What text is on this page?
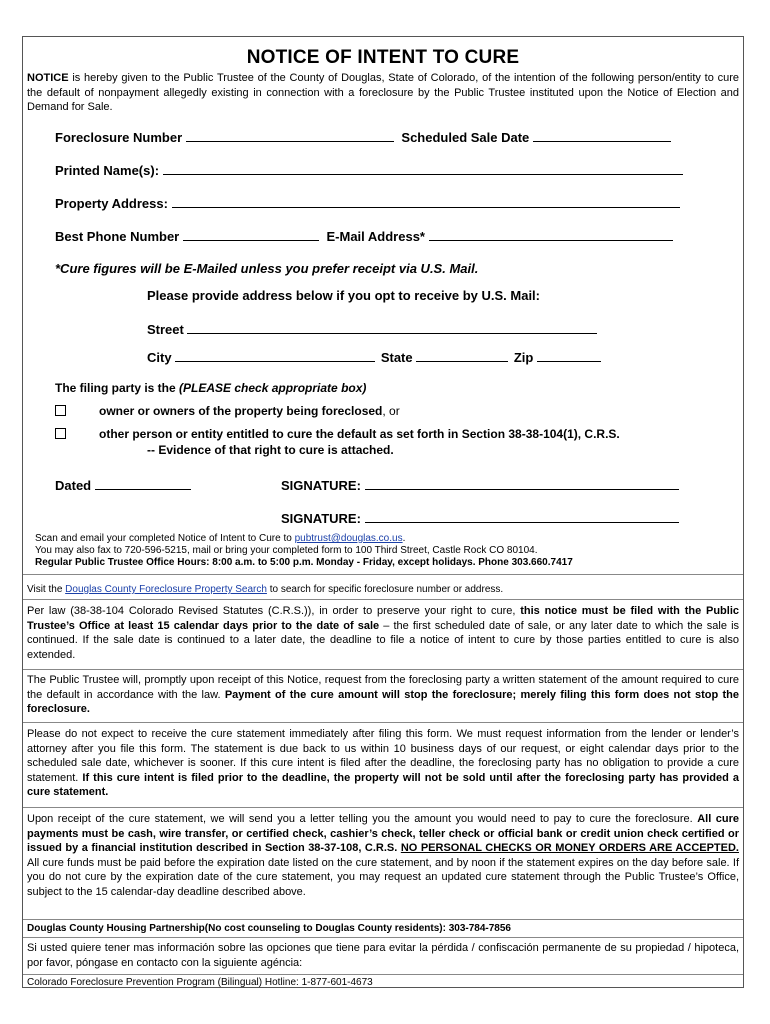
NOTICE OF INTENT TO CURE
NOTICE is hereby given to the Public Trustee of the County of Douglas, State of Colorado, of the intention of the following person/entity to cure the default of nonpayment allegedly existing in connection with a foreclosure by the Public Trustee instituted upon the Notice of Election and Demand for Sale.
Foreclosure Number	Scheduled Sale Date
Printed Name(s):
Property Address:
Best Phone Number	E-Mail Address*
*Cure figures will be E-Mailed unless you prefer receipt via U.S. Mail.
Please provide address below if you opt to receive by U.S. Mail:
Street
City	State	Zip
The filing party is the (PLEASE check appropriate box)
owner or owners of the property being foreclosed, or
other person or entity entitled to cure the default as set forth in Section 38-38-104(1), C.R.S.
-- Evidence of that right to cure is attached.
Dated	SIGNATURE:
SIGNATURE:
Scan and email your completed Notice of Intent to Cure to pubtrust@douglas.co.us.
You may also fax to 720-596-5215, mail or bring your completed form to 100 Third Street, Castle Rock CO 80104.
Regular Public Trustee Office Hours: 8:00 a.m. to 5:00 p.m. Monday - Friday, except holidays. Phone 303.660.7417
Visit the Douglas County Foreclosure Property Search to search for specific foreclosure number or address.
Per law (38-38-104 Colorado Revised Statutes (C.R.S.)), in order to preserve your right to cure, this notice must be filed with the Public Trustee’s Office at least 15 calendar days prior to the date of sale – the first scheduled date of sale, or any later date to which the sale is continued. If the sale date is continued to a later date, the deadline to file a notice of intent to cure by those parties entitled to cure is also extended.
The Public Trustee will, promptly upon receipt of this Notice, request from the foreclosing party a written statement of the amount required to cure the default in accordance with the law. Payment of the cure amount will stop the foreclosure; merely filing this form does not stop the foreclosure.
Please do not expect to receive the cure statement immediately after filing this form. We must request information from the lender or lender’s attorney after you file this form. The statement is due back to us within 10 business days of our request, or eight calendar days prior to the scheduled sale date, whichever is sooner. If this cure intent is filed after the deadline, the foreclosing party has no obligation to provide a cure statement. If this cure intent is filed prior to the deadline, the property will not be sold until after the foreclosing party has provided a cure statement.
Upon receipt of the cure statement, we will send you a letter telling you the amount you would need to pay to cure the foreclosure. All cure payments must be cash, wire transfer, or certified check, cashier’s check, teller check or official bank or credit union check certified or issued by a financial institution described in Section 38-37-108, C.R.S. NO PERSONAL CHECKS OR MONEY ORDERS ARE ACCEPTED. All cure funds must be paid before the expiration date listed on the cure statement, and by noon if the statement expires on the day before sale. If you do not cure by the expiration date of the cure statement, you may request an updated cure statement through the Public Trustee’s Office, subject to the 15 calendar-day deadline described above.
Douglas County Housing Partnership(No cost counseling to Douglas County residents): 303-784-7856
Si usted quiere tener mas información sobre las opciones que tiene para evitar la pérdida / confiscación permanente de su propiedad / hipoteca, por favor, póngase en contacto con la siguiente agéncia:
Colorado Foreclosure Prevention Program (Bilingual) Hotline: 1-877-601-4673
